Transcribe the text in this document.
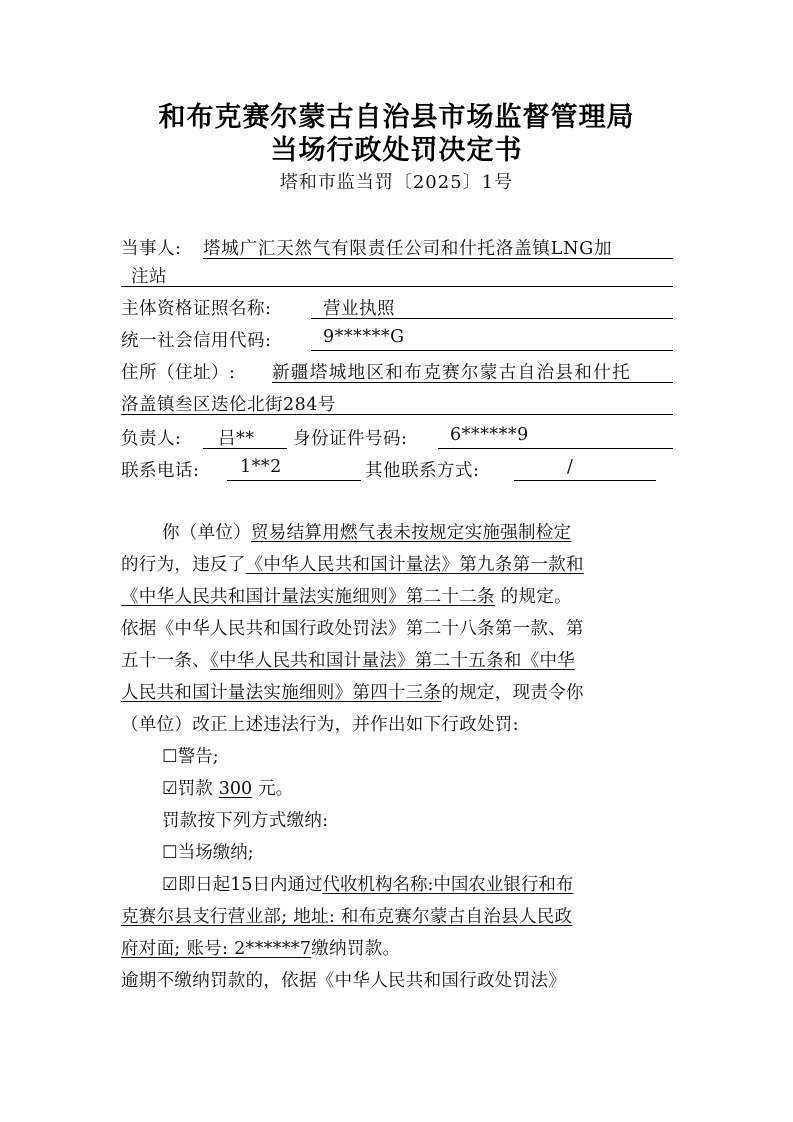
和布克赛尔蒙古自治县市场监督管理局
当场行政处罚决定书
塔和市监当罚〔2025〕1号
当事人: 塔城广汇天然气有限责任公司和什托洛盖镇LNG加
注站
主体资格证照名称:	营业执照
统一社会信用代码:	9******G
住所（住址）: 新疆塔城地区和布克赛尔蒙古自治县和什托
洛盖镇叁区迭伦北街284号
负责人: 吕** 身份证件号码: 6******9
联系电话: 1**2	其他联系方式:	/
你（单位）贸易结算用燃气表未按规定实施强制检定
的行为，违反了《中华人民共和国计量法》第九条第一款和
《中华人民共和国计量法实施细则》第二十二条 的规定。
依据《中华人民共和国行政处罚法》第二十八条第一款、第
五十一条、《中华人民共和国计量法》第二十五条和《中华
人民共和国计量法实施细则》第四十三条的规定，现责令你
（单位）改正上述违法行为，并作出如下行政处罚:
☐警告;
☑罚款 300 元。
罚款按下列方式缴纳:
☐当场缴纳;
☑即日起15日内通过代收机构名称:中国农业银行和布
克赛尔县支行营业部; 地址: 和布克赛尔蒙古自治县人民政
府对面; 账号: 2******7缴纳罚款。
逾期不缴纳罚款的，依据《中华人民共和国行政处罚法》
